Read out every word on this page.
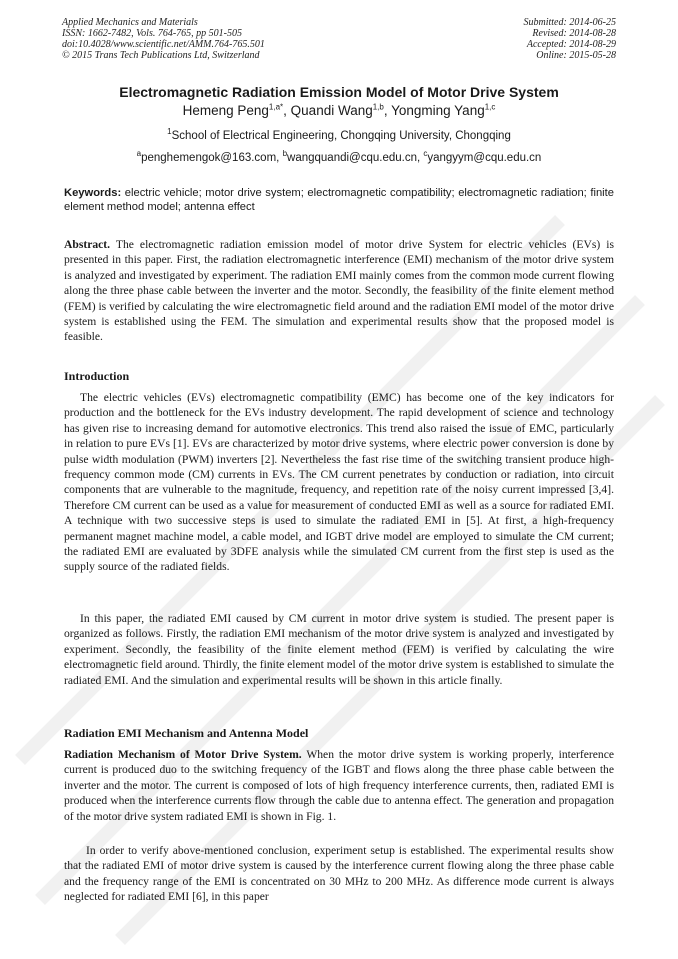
Applied Mechanics and Materials
ISSN: 1662-7482, Vols. 764-765, pp 501-505
doi:10.4028/www.scientific.net/AMM.764-765.501
© 2015 Trans Tech Publications Ltd, Switzerland
Submitted: 2014-06-25
Revised: 2014-08-28
Accepted: 2014-08-29
Online: 2015-05-28
Electromagnetic Radiation Emission Model of Motor Drive System
Hemeng Peng$^{1,a*}$, Quandi Wang$^{1,b}$, Yongming Yang$^{1,c}$
$^1$School of Electrical Engineering, Chongqing University, Chongqing
$^a$penghemengok@163.com, $^b$wangquandi@cqu.edu.cn, $^c$yangyym@cqu.edu.cn
Keywords: electric vehicle; motor drive system; electromagnetic compatibility; electromagnetic radiation; finite element method model; antenna effect
Abstract. The electromagnetic radiation emission model of motor drive System for electric vehicles (EVs) is presented in this paper. First, the radiation electromagnetic interference (EMI) mechanism of the motor drive system is analyzed and investigated by experiment. The radiation EMI mainly comes from the common mode current flowing along the three phase cable between the inverter and the motor. Secondly, the feasibility of the finite element method (FEM) is verified by calculating the wire electromagnetic field around and the radiation EMI model of the motor drive system is established using the FEM. The simulation and experimental results show that the proposed model is feasible.
Introduction
The electric vehicles (EVs) electromagnetic compatibility (EMC) has become one of the key indicators for production and the bottleneck for the EVs industry development. The rapid development of science and technology has given rise to increasing demand for automotive electronics. This trend also raised the issue of EMC, particularly in relation to pure EVs [1]. EVs are characterized by motor drive systems, where electric power conversion is done by pulse width modulation (PWM) inverters [2]. Nevertheless the fast rise time of the switching transient produce high-frequency common mode (CM) currents in EVs. The CM current penetrates by conduction or radiation, into circuit components that are vulnerable to the magnitude, frequency, and repetition rate of the noisy current impressed [3,4]. Therefore CM current can be used as a value for measurement of conducted EMI as well as a source for radiated EMI. A technique with two successive steps is used to simulate the radiated EMI in [5]. At first, a high-frequency permanent magnet machine model, a cable model, and IGBT drive model are employed to simulate the CM current; the radiated EMI are evaluated by 3DFE analysis while the simulated CM current from the first step is used as the supply source of the radiated fields.
In this paper, the radiated EMI caused by CM current in motor drive system is studied. The present paper is organized as follows. Firstly, the radiation EMI mechanism of the motor drive system is analyzed and investigated by experiment. Secondly, the feasibility of the finite element method (FEM) is verified by calculating the wire electromagnetic field around. Thirdly, the finite element model of the motor drive system is established to simulate the radiated EMI. And the simulation and experimental results will be shown in this article finally.
Radiation EMI Mechanism and Antenna Model
Radiation Mechanism of Motor Drive System. When the motor drive system is working properly, interference current is produced duo to the switching frequency of the IGBT and flows along the three phase cable between the inverter and the motor. The current is composed of lots of high frequency interference currents, then, radiated EMI is produced when the interference currents flow through the cable due to antenna effect. The generation and propagation of the motor drive system radiated EMI is shown in Fig. 1.
In order to verify above-mentioned conclusion, experiment setup is established. The experimental results show that the radiated EMI of motor drive system is caused by the interference current flowing along the three phase cable and the frequency range of the EMI is concentrated on 30 MHz to 200 MHz. As difference mode current is always neglected for radiated EMI [6], in this paper
